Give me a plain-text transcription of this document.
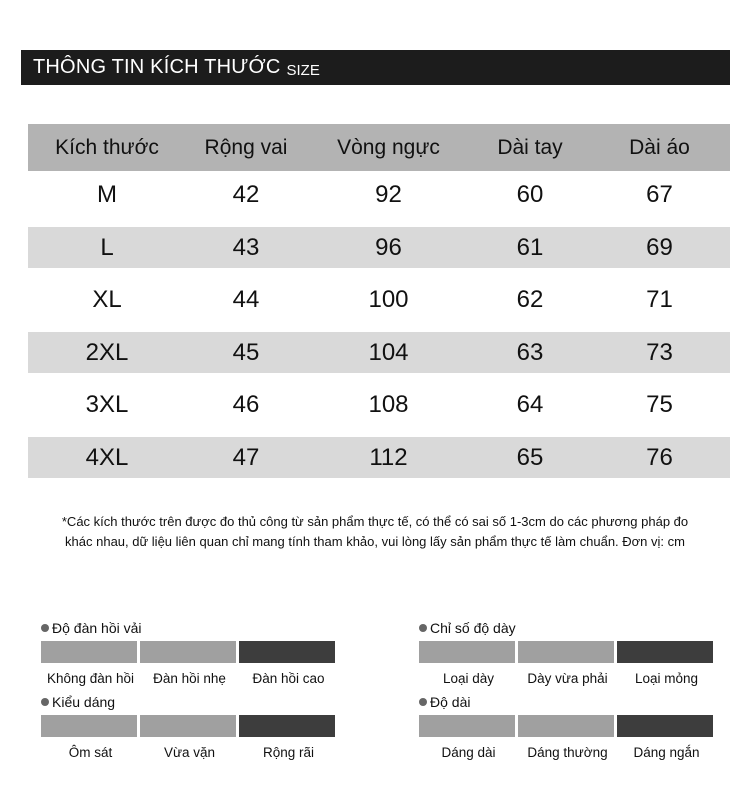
THÔNG TIN KÍCH THƯỚC SIZE
Kích thước	Rộng vai	Vòng ngực	Dài tay	Dài áo
M	42	92	60	67
L	43	96	61	69
XL	44	100	62	71
2XL	45	104	63	73
3XL	46	108	64	75
4XL	47	112	65	76
*Các kích thước trên được đo thủ công từ sản phẩm thực tế, có thể có sai số 1-3cm do các phương pháp đo
khác nhau, dữ liệu liên quan chỉ mang tính tham khảo, vui lòng lấy sản phẩm thực tế làm chuẩn. Đơn vị: cm
Độ đàn hồi vải
Không đàn hồi	Đàn hồi nhẹ	Đàn hồi cao
Kiểu dáng
Ôm sát	Vừa vặn	Rộng rãi
Chỉ số độ dày
Loại dày	Dày vừa phải	Loại mỏng
Độ dài
Dáng dài	Dáng thường	Dáng ngắn
